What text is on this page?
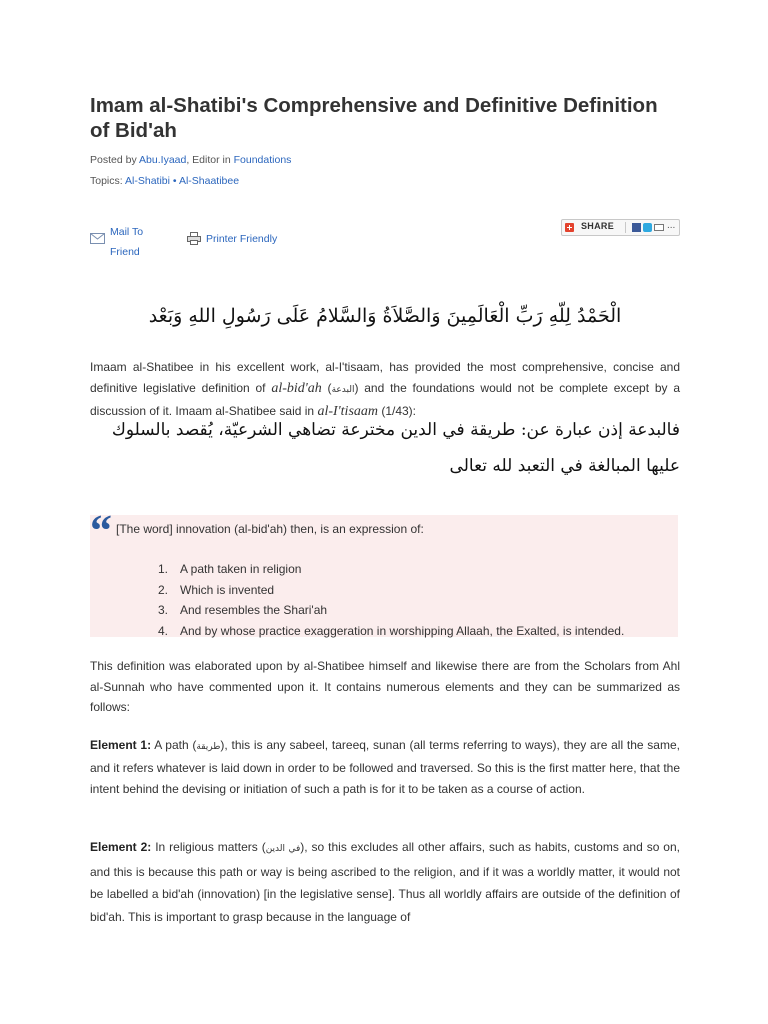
Imam al-Shatibi's Comprehensive and Definitive Definition of Bid'ah
Posted by Abu.Iyaad, Editor in Foundations
Topics: Al-Shatibi • Al-Shaatibee
Mail To Friend
Printer Friendly
SHARE	...
الْحَمْدُ لِلّهِ رَبِّ الْعَالَمِينَ وَالصَّلاَةُ وَالسَّلامُ عَلَى رَسُولِ اللهِ وَبَعْد

Imaam al-Shatibee in his excellent work, al-I'tisaam, has provided the most comprehensive, concise and definitive legislative definition of al-bid'ah (البدعة) and the foundations would not be complete except by a discussion of it. Imaam al-Shatibee said in al-I'tisaam (1/43):

فالبدعة إذن عبارة عن: طريقة في الدين مخترعة تضاهي الشرعيّة، يُقصد بالسلوك عليها المبالغة في التعبد لله تعالى
“ [The word] innovation (al-bid'ah) then, is an expression of:
1. A path taken in religion
2. Which is invented
3. And resembles the Shari'ah
4. And by whose practice exaggeration in worshipping Allaah, the Exalted, is intended.

This definition was elaborated upon by al-Shatibee himself and likewise there are from the Scholars from Ahl al-Sunnah who have commented upon it. It contains numerous elements and they can be summarized as follows:

Element 1: A path (طريقة), this is any sabeel, tareeq, sunan (all terms referring to ways), they are all the same, and it refers whatever is laid down in order to be followed and traversed. So this is the first matter here, that the intent behind the devising or initiation of such a path is for it to be taken as a course of action.

Element 2: In religious matters (في الدين), so this excludes all other affairs, such as habits, customs and so on, and this is because this path or way is being ascribed to the religion, and if it was a worldly matter, it would not be labelled a bid'ah (innovation) [in the legislative sense]. Thus all worldly affairs are outside of the definition of bid'ah. This is important to grasp because in the language of
